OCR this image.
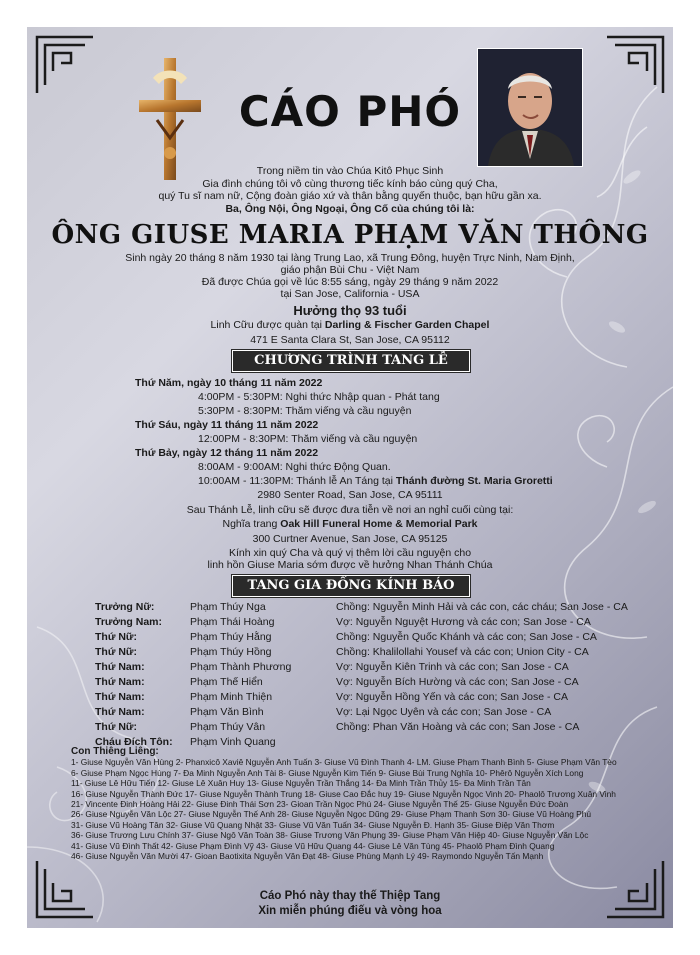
CÁO PHÓ
Trong niềm tin vào Chúa Kitô Phục Sinh
Gia đình chúng tôi vô cùng thương tiếc kính báo cùng quý Cha,
quý Tu sĩ nam nữ, Cộng đoàn giáo xứ và thân bằng quyến thuộc, bạn hữu gần xa.
Ba, Ông Nội, Ông Ngoại, Ông Cố của chúng tôi là:
ÔNG GIUSE MARIA PHẠM VĂN THÔNG
Sinh ngày 20 tháng 8 năm 1930 tại làng Trung Lao, xã Trung Đông, huyện Trực Ninh, Nam Định,
giáo phận Bùi Chu - Việt Nam
Đã được Chúa gọi về lúc 8:55 sáng, ngày 29 tháng 9 năm 2022
tại San Jose, California - USA
Hưởng thọ 93 tuổi
Linh Cữu được quàn tại Darling & Fischer Garden Chapel
471 E Santa Clara St, San Jose, CA 95112
CHƯƠNG TRÌNH TANG LỄ
Thứ Năm, ngày 10 tháng 11 năm 2022
4:00PM - 5:30PM: Nghi thức Nhập quan - Phát tang
5:30PM - 8:30PM: Thăm viếng và cầu nguyện
Thứ Sáu, ngày 11 tháng 11 năm 2022
12:00PM - 8:30PM: Thăm viếng và cầu nguyện
Thứ Bảy, ngày 12 tháng 11 năm 2022
8:00AM - 9:00AM: Nghi thức Động Quan.
10:00AM - 11:30PM: Thánh lễ An Táng tại Thánh đường St. Maria Groretti
2980 Senter Road, San Jose, CA 95111
Sau Thánh Lễ, linh cữu sẽ được đưa tiễn về nơi an nghỉ cuối cùng tại:
Nghĩa trang Oak Hill Funeral Home & Memorial Park
300 Curtner Avenue, San Jose, CA 95125
Kính xin quý Cha và quý vị thêm lời cầu nguyện cho
linh hồn Giuse Maria sớm được về hưởng Nhan Thánh Chúa
TANG GIA ĐỒNG KÍNH BÁO
Trưởng Nữ:	Phạm Thúy Nga	Chồng: Nguyễn Minh Hải và các con, các cháu; San Jose - CA
Trưởng Nam:	Phạm Thái Hoàng	Vợ: Nguyễn Nguyệt Hương và các con; San Jose - CA
Thứ Nữ:	Phạm Thúy Hằng	Chồng: Nguyễn Quốc Khánh và các con; San Jose - CA
Thứ Nữ:	Phạm Thúy Hồng	Chồng: Khalilollahi Yousef và các con; Union City - CA
Thứ Nam:	Phạm Thành Phương	Vợ: Nguyễn Kiên Trinh và các con; San Jose - CA
Thứ Nam:	Phạm Thế Hiển	Vợ: Nguyễn Bích Hường và các con; San Jose - CA
Thứ Nam:	Phạm Minh Thiện	Vợ: Nguyễn Hồng Yến và các con; San Jose - CA
Thứ Nam:	Phạm Văn Bình	Vợ: Lại Ngọc Uyên và các con; San Jose - CA
Thứ Nữ:	Phạm Thúy Vân	Chồng: Phan Văn Hoàng và các con; San Jose - CA
Cháu Đích Tôn: Phạm Vinh Quang
Con Thiêng Liêng:
1- Giuse Nguyễn Văn Hùng 2- Phanxicô Xaviê Nguyễn Anh Tuấn 3- Giuse Vũ Đình Thanh 4- LM. Giuse Phạm Thanh Bình 5- Giuse Phạm Văn Tèo
6- Giuse Phạm Ngọc Hùng 7- Đa Minh Nguyễn Anh Tài 8- Giuse Nguyễn Kim Tiến 9- Giuse Bùi Trung Nghĩa 10- Phêrô Nguyễn Xích Long
11- Giuse Lê Hữu Tiến 12- Giuse Lê Xuân Huy 13- Giuse Nguyễn Trần Thắng 14- Đa Minh Trần Thủy 15- Đa Minh Trần Tân
16- Giuse Nguyễn Thành Đức 17- Giuse Nguyễn Thành Trung 18- Giuse Cao Đắc huy 19- Giuse Nguyễn Ngọc Vinh 20- Phaolô Trương Xuân Vinh
21- Vincente Đinh Hoàng Hải 22- Giuse Đinh Thái Sơn 23- Gioan Trần Ngọc Phú 24- Giuse Nguyễn Thế 25- Giuse Nguyễn Đức Đoàn
26- Giuse Nguyễn Văn Lộc 27- Giuse Nguyễn Thế Anh 28- Giuse Nguyễn Ngọc Dũng 29- Giuse Phạm Thanh Sơn 30- Giuse Vũ Hoàng Phú
31- Giuse Vũ Hoàng Tân 32- Giuse Vũ Quang Nhật 33- Giuse Vũ Văn Tuấn 34- Giuse Nguyễn Đ. Hạnh 35- Giuse Điệp Văn Thơm
36- Giuse Trương Lưu Chính 37- Giuse Ngô Văn Toàn 38- Giuse Trương Văn Phụng 39- Giuse Phạm Văn Hiệp 40- Giuse Nguyễn Văn Lộc
41- Giuse Vũ Đình Thất 42- Giuse Phạm Đình Vỹ 43- Giuse Vũ Hữu Quang 44- Giuse Lê Văn Tùng 45- Phaolô Phạm Đình Quang
46- Giuse Nguyễn Văn Mười 47- Gioan Baotixita Nguyễn Văn Đạt 48- Giuse Phùng Mạnh Lý 49- Raymondo Nguyễn Tấn Mạnh
Cáo Phó này thay thế Thiệp Tang
Xin miễn phúng điếu và vòng hoa
